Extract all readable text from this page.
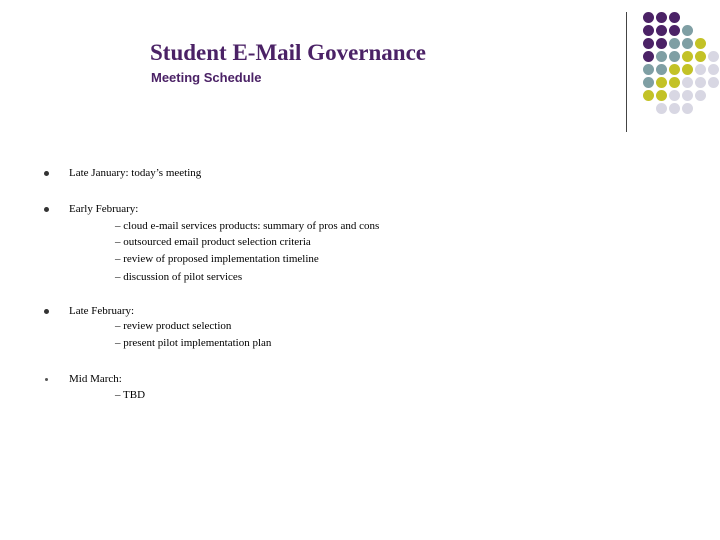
Student E-Mail Governance
Meeting Schedule
Late January: today’s meeting
Early February:
– cloud e-mail services products: summary of pros and cons
– outsourced email product selection criteria
– review of proposed implementation timeline
– discussion of pilot services
Late February:
– review product selection
– present pilot implementation plan
Mid March:
– TBD
